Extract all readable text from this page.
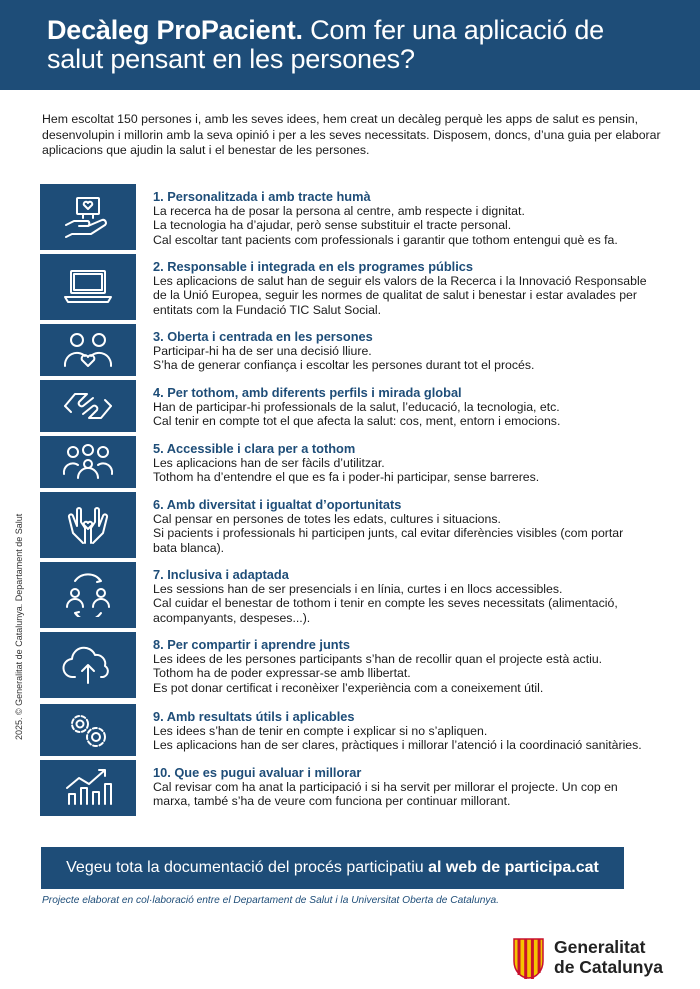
Decàleg ProPacient. Com fer una aplicació de
salut pensant en les persones?
Hem escoltat 150 persones i, amb les seves idees, hem creat un decàleg perquè les apps de salut es pensin, desenvolupin i millorin amb la seva opinió i per a les seves necessitats. Disposem, doncs, d’una guia per elaborar aplicacions que ajudin la salut i el benestar de les persones.
1. Personalitzada i amb tracte humà
La recerca ha de posar la persona al centre, amb respecte i dignitat.
La tecnologia ha d’ajudar, però sense substituir el tracte personal.
Cal escoltar tant pacients com professionals i garantir que tothom entengui què es fa.
2. Responsable i integrada en els programes públics
Les aplicacions de salut han de seguir els valors de la Recerca i la Innovació Responsable
de la Unió Europea, seguir les normes de qualitat de salut i benestar i estar avalades per
entitats com la Fundació TIC Salut Social.
3. Oberta i centrada en les persones
Participar-hi ha de ser una decisió lliure.
S’ha de generar confiança i escoltar les persones durant tot el procés.
4. Per tothom, amb diferents perfils i mirada global
Han de participar-hi professionals de la salut, l’educació, la tecnologia, etc.
Cal tenir en compte tot el que afecta la salut: cos, ment, entorn i emocions.
5. Accessible i clara per a tothom
Les aplicacions han de ser fàcils d’utilitzar.
Tothom ha d’entendre el que es fa i poder-hi participar, sense barreres.
6. Amb diversitat i igualtat d’oportunitats
Cal pensar en persones de totes les edats, cultures i situacions.
Si pacients i professionals hi participen junts, cal evitar diferències visibles (com portar
bata blanca).
7. Inclusiva i adaptada
Les sessions han de ser presencials i en línia, curtes i en llocs accessibles.
Cal cuidar el benestar de tothom i tenir en compte les seves necessitats (alimentació,
acompanyants, despeses...).
8. Per compartir i aprendre junts
Les idees de les persones participants s’han de recollir quan el projecte està actiu.
Tothom ha de poder expressar-se amb llibertat.
Es pot donar certificat i reconèixer l’experiència com a coneixement útil.
9. Amb resultats útils i aplicables
Les idees s’han de tenir en compte i explicar si no s’apliquen.
Les aplicacions han de ser clares, pràctiques i millorar l’atenció i la coordinació sanitàries.
10. Que es pugui avaluar i millorar
Cal revisar com ha anat la participació i si ha servit per millorar el projecte. Un cop en
marxa, també s’ha de veure com funciona per continuar millorant.
2025. © Generalitat de Catalunya. Departament de Salut
Vegeu tota la documentació del procés participatiu al web de participa.cat
Projecte elaborat en col·laboració entre el Departament de Salut i la Universitat Oberta de Catalunya.
Generalitat
de Catalunya
